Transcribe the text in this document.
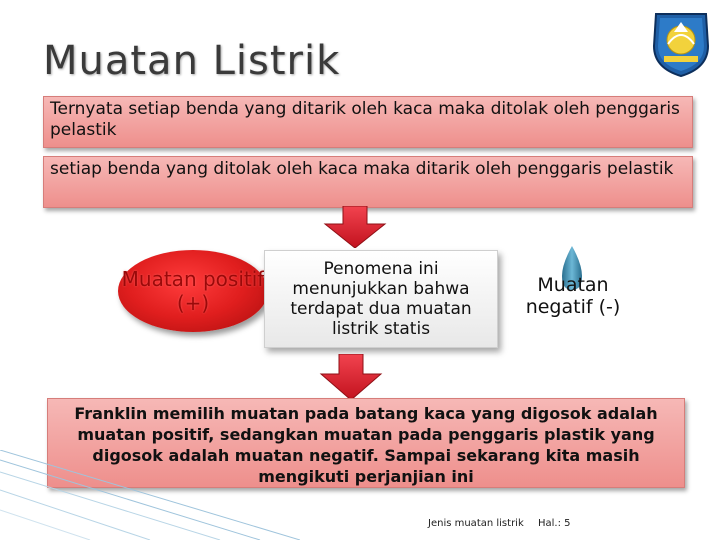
Muatan Listrik
Ternyata setiap benda yang ditarik oleh kaca maka ditolak oleh penggaris pelastik
setiap benda yang ditolak oleh kaca maka ditarik oleh penggaris pelastik
Muatan positif (+)
Penomena ini menunjukkan bahwa terdapat dua muatan listrik statis
Muatan negatif (-)
Franklin memilih muatan pada batang kaca yang digosok adalah muatan positif, sedangkan muatan pada penggaris plastik yang digosok adalah muatan negatif. Sampai sekarang kita masih mengikuti perjanjian ini
Jenis muatan listrik Hal.: 5
